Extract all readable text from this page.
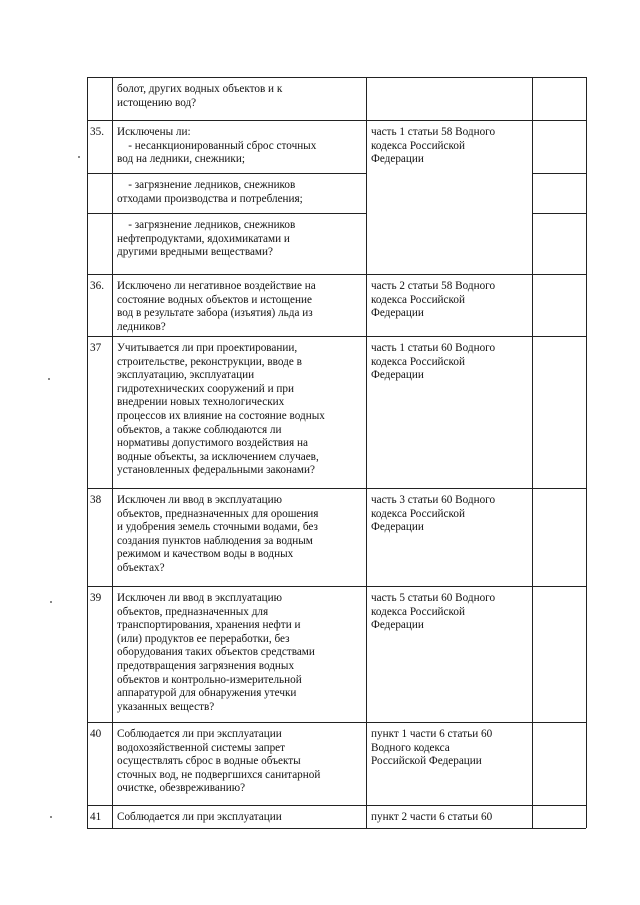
болот, других водных объектов и к
истощению вод?
35. Исключены ли:
- несанкционированный сброс сточных
вод на ледники, снежники;
часть 1 статьи 58 Водного
кодекса Российской
Федерации
- загрязнение ледников, снежников
отходами производства и потребления;
- загрязнение ледников, снежников
нефтепродуктами, ядохимикатами и
другими вредными веществами?
36. Исключено ли негативное воздействие на
состояние водных объектов и истощение
вод в результате забора (изъятия) льда из
ледников?
часть 2 статьи 58 Водного
кодекса Российской
Федерации
37 Учитывается ли при проектировании,
строительстве, реконструкции, вводе в
эксплуатацию, эксплуатации
гидротехнических сооружений и при
внедрении новых технологических
процессов их влияние на состояние водных
объектов, а также соблюдаются ли
нормативы допустимого воздействия на
водные объекты, за исключением случаев,
установленных федеральными законами?
часть 1 статьи 60 Водного
кодекса Российской
Федерации
38 Исключен ли ввод в эксплуатацию
объектов, предназначенных для орошения
и удобрения земель сточными водами, без
создания пунктов наблюдения за водным
режимом и качеством воды в водных
объектах?
часть 3 статьи 60 Водного
кодекса Российской
Федерации
39 Исключен ли ввод в эксплуатацию
объектов, предназначенных для
транспортирования, хранения нефти и
(или) продуктов ее переработки, без
оборудования таких объектов средствами
предотвращения загрязнения водных
объектов и контрольно-измерительной
аппаратурой для обнаружения утечки
указанных веществ?
часть 5 статьи 60 Водного
кодекса Российской
Федерации
40 Соблюдается ли при эксплуатации
водохозяйственной системы запрет
осуществлять сброс в водные объекты
сточных вод, не подвергшихся санитарной
очистке, обезвреживанию?
пункт 1 части 6 статьи 60
Водного кодекса
Российской Федерации
41 Соблюдается ли при эксплуатации	пункт 2 части 6 статьи 60
